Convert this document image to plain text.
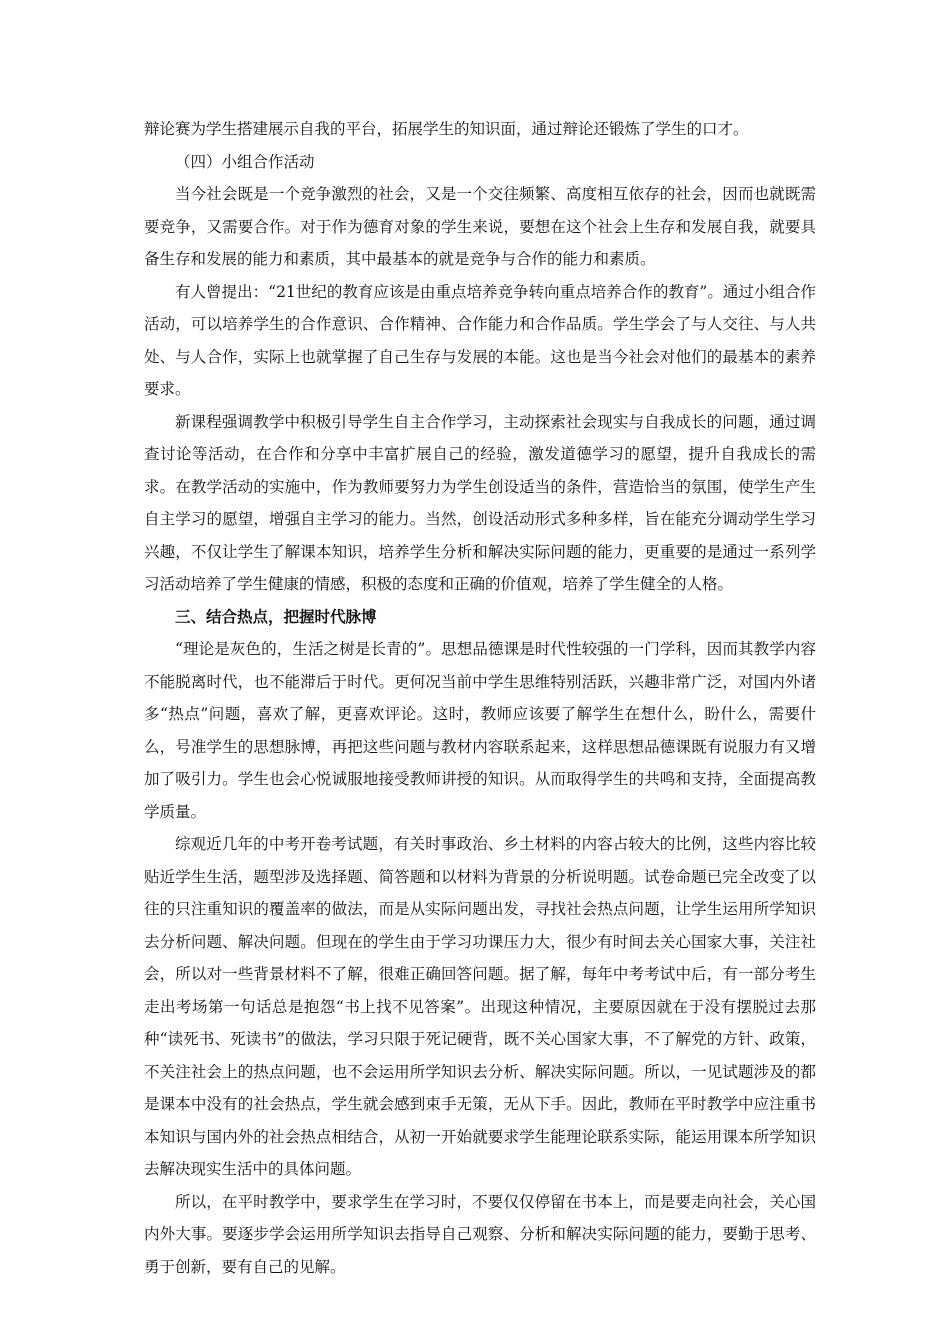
辩论赛为学生搭建展示自我的平台，拓展学生的知识面，通过辩论还锻炼了学生的口才。

（四）小组合作活动

当今社会既是一个竞争激烈的社会，又是一个交往频繁、高度相互依存的社会，因而也就既需要竞争，又需要合作。对于作为德育对象的学生来说，要想在这个社会上生存和发展自我，就要具备生存和发展的能力和素质，其中最基本的就是竞争与合作的能力和素质。

有人曾提出：“21世纪的教育应该是由重点培养竞争转向重点培养合作的教育”。通过小组合作活动，可以培养学生的合作意识、合作精神、合作能力和合作品质。学生学会了与人交往、与人共处、与人合作，实际上也就掌握了自己生存与发展的本能。这也是当今社会对他们的最基本的素养要求。

新课程强调教学中积极引导学生自主合作学习，主动探索社会现实与自我成长的问题，通过调查讨论等活动，在合作和分享中丰富扩展自己的经验，激发道德学习的愿望，提升自我成长的需求。在教学活动的实施中，作为教师要努力为学生创设适当的条件，营造恰当的氛围，使学生产生自主学习的愿望，增强自主学习的能力。当然，创设活动形式多种多样，旨在能充分调动学生学习兴趣，不仅让学生了解课本知识，培养学生分析和解决实际问题的能力，更重要的是通过一系列学习活动培养了学生健康的情感，积极的态度和正确的价值观，培养了学生健全的人格。

三、结合热点，把握时代脉博

“理论是灰色的，生活之树是长青的”。思想品德课是时代性较强的一门学科，因而其教学内容不能脱离时代，也不能滞后于时代。更何况当前中学生思维特别活跃，兴趣非常广泛，对国内外诸多“热点”问题，喜欢了解，更喜欢评论。这时，教师应该要了解学生在想什么，盼什么，需要什么，号准学生的思想脉博，再把这些问题与教材内容联系起来，这样思想品德课既有说服力有又增加了吸引力。学生也会心悦诚服地接受教师讲授的知识。从而取得学生的共鸣和支持，全面提高教学质量。

综观近几年的中考开卷考试题，有关时事政治、乡土材料的内容占较大的比例，这些内容比较贴近学生生活，题型涉及选择题、简答题和以材料为背景的分析说明题。试卷命题已完全改变了以往的只注重知识的覆盖率的做法，而是从实际问题出发，寻找社会热点问题，让学生运用所学知识去分析问题、解决问题。但现在的学生由于学习功课压力大，很少有时间去关心国家大事，关注社会，所以对一些背景材料不了解，很难正确回答问题。据了解，每年中考考试中后，有一部分考生走出考场第一句话总是抱怨“书上找不见答案”。出现这种情况，主要原因就在于没有摆脱过去那种“读死书、死读书”的做法，学习只限于死记硬背，既不关心国家大事，不了解党的方针、政策，不关注社会上的热点问题，也不会运用所学知识去分析、解决实际问题。所以，一见试题涉及的都是课本中没有的社会热点，学生就会感到束手无策，无从下手。因此，教师在平时教学中应注重书本知识与国内外的社会热点相结合，从初一开始就要求学生能理论联系实际，能运用课本所学知识去解决现实生活中的具体问题。

所以，在平时教学中，要求学生在学习时，不要仅仅停留在书本上，而是要走向社会，关心国内外大事。要逐步学会运用所学知识去指导自己观察、分析和解决实际问题的能力，要勤于思考、勇于创新，要有自己的见解。
